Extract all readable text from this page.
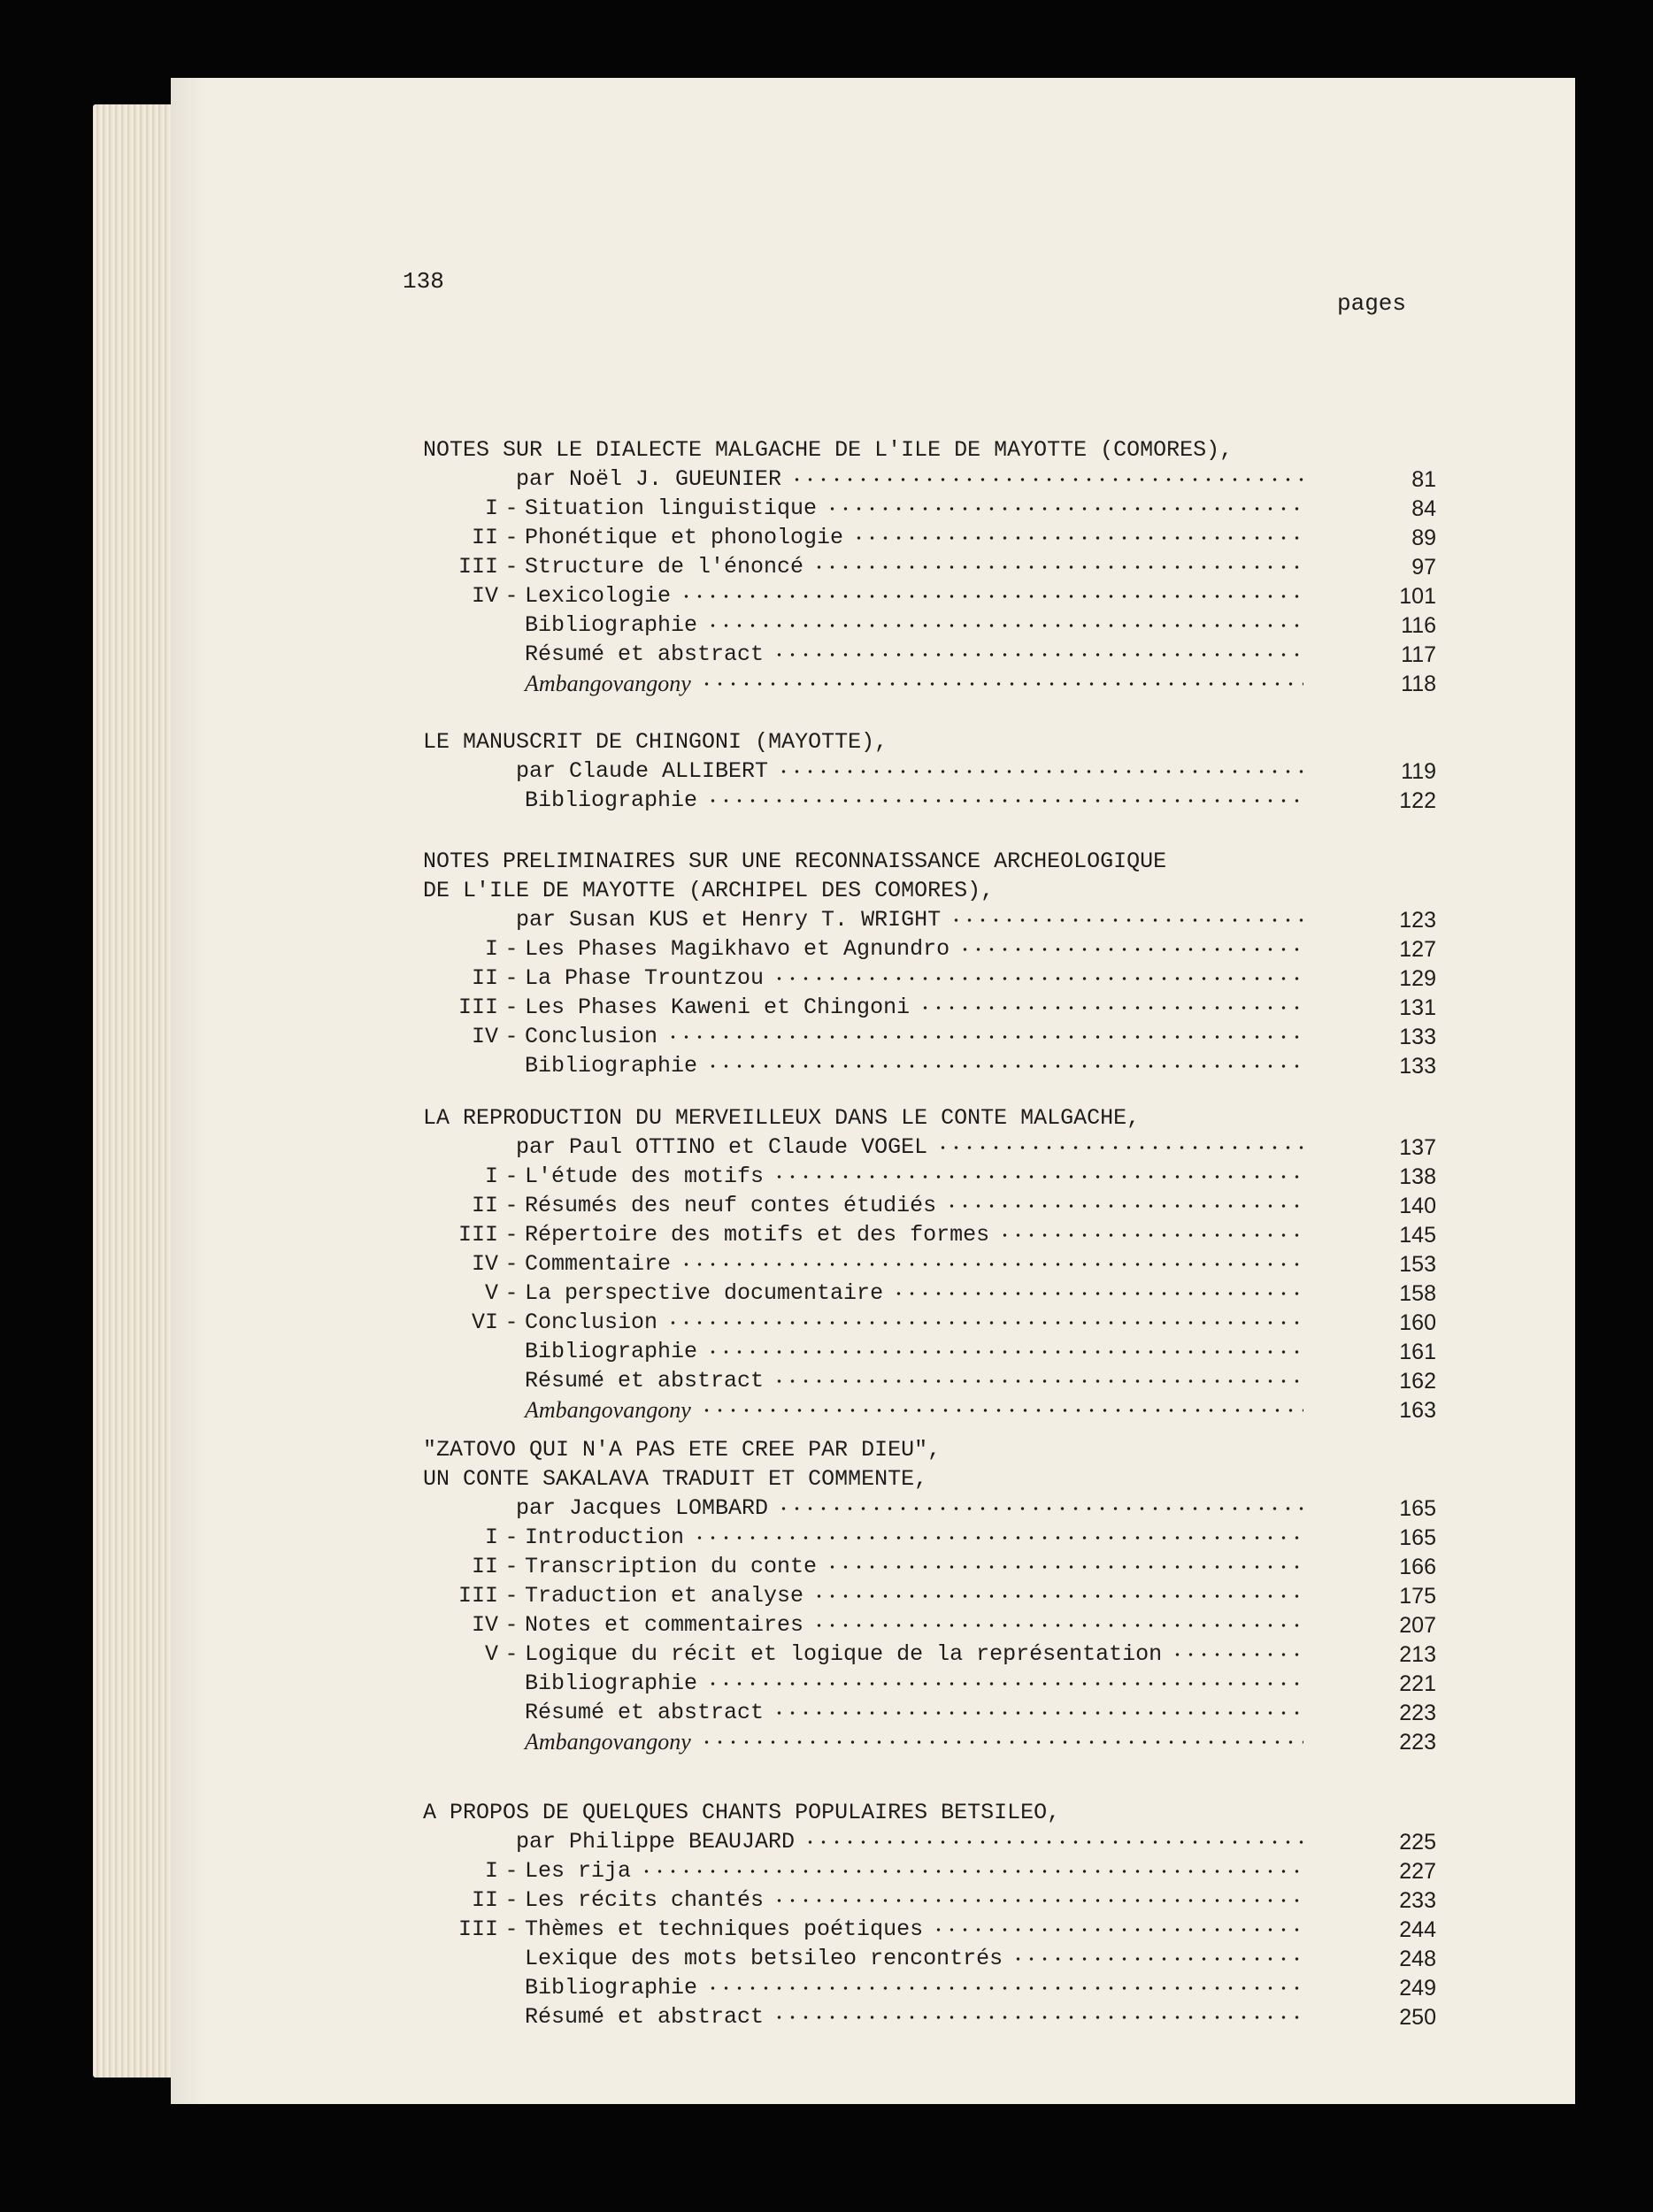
138
pages
NOTES SUR LE DIALECTE MALGACHE DE L'ILE DE MAYOTTE (COMORES),
par Noël J. GUEUNIER	81
I - Situation linguistique	84
II - Phonétique et phonologie	89
III - Structure de l'énoncé	97
IV - Lexicologie	101
Bibliographie	116
Résumé et abstract	117
Ambangovangony	118
LE MANUSCRIT DE CHINGONI (MAYOTTE),
par Claude ALLIBERT	119
Bibliographie	122
NOTES PRELIMINAIRES SUR UNE RECONNAISSANCE ARCHEOLOGIQUE
DE L'ILE DE MAYOTTE (ARCHIPEL DES COMORES),
par Susan KUS et Henry T. WRIGHT	123
I - Les Phases Magikhavo et Agnundro	127
II - La Phase Trountzou	129
III - Les Phases Kaweni et Chingoni	131
IV - Conclusion	133
Bibliographie	133
LA REPRODUCTION DU MERVEILLEUX DANS LE CONTE MALGACHE,
par Paul OTTINO et Claude VOGEL	137
I - L'étude des motifs	138
II - Résumés des neuf contes étudiés	140
III - Répertoire des motifs et des formes	145
IV - Commentaire	153
V - La perspective documentaire	158
VI - Conclusion	160
Bibliographie	161
Résumé et abstract	162
Ambangovangony	163
"ZATOVO QUI N'A PAS ETE CREE PAR DIEU",
UN CONTE SAKALAVA TRADUIT ET COMMENTE,
par Jacques LOMBARD	165
I - Introduction	165
II - Transcription du conte	166
III - Traduction et analyse	175
IV - Notes et commentaires	207
V - Logique du récit et logique de la représentation	213
Bibliographie	221
Résumé et abstract	223
Ambangovangony	223
A PROPOS DE QUELQUES CHANTS POPULAIRES BETSILEO,
par Philippe BEAUJARD	225
I - Les rija	227
II - Les récits chantés	233
III - Thèmes et techniques poétiques	244
Lexique des mots betsileo rencontrés	248
Bibliographie	249
Résumé et abstract	250
